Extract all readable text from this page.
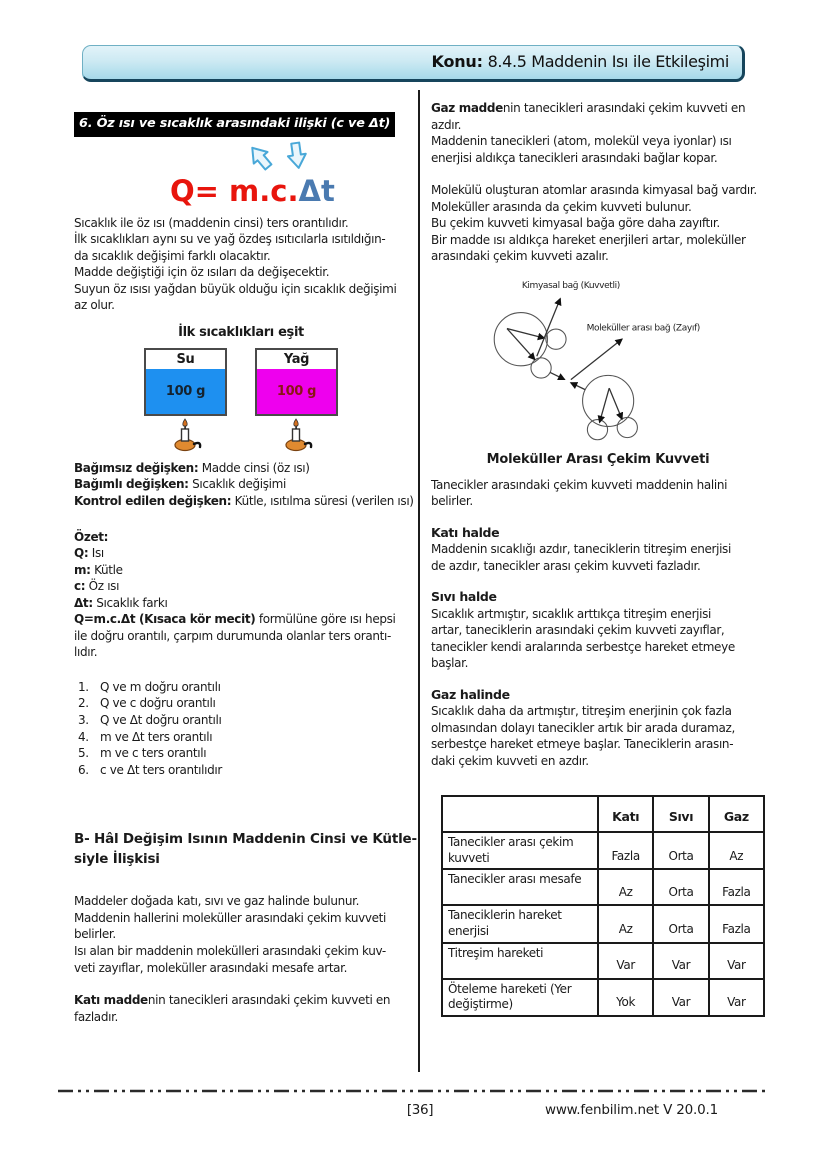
Konu: 8.4.5 Maddenin Isı ile Etkileşimi
6. Öz ısı ve sıcaklık arasındaki ilişki (c ve Δt)
Q= m.c.Δt

Sıcaklık ile öz ısı (maddenin cinsi) ters orantılıdır.
İlk sıcaklıkları aynı su ve yağ özdeş ısıtıcılarla ısıtıldığın-
da sıcaklık değişimi farklı olacaktır.
Madde değiştiği için öz ısıları da değişecektir.
Suyun öz ısısı yağdan büyük olduğu için sıcaklık değişimi
az olur.

İlk sıcaklıkları eşit
Su
100 g
Yağ
100 g

Bağımsız değişken: Madde cinsi (öz ısı)

Bağımlı değişken: Sıcaklık değişimi

Kontrol edilen değişken: Kütle, ısıtılma süresi (verilen ısı)

Özet:

Q: Isı

m: Kütle

c: Öz ısı

Δt: Sıcaklık farkı

Q=m.c.Δt (Kısaca kör mecit) formülüne göre ısı hepsi
ile doğru orantılı, çarpım durumunda olanlar ters orantı-
lıdır.

1. Q ve m doğru orantılı
2. Q ve c doğru orantılı
3. Q ve Δt doğru orantılı
4. m ve Δt ters orantılı
5. m ve c ters orantılı
6. c ve Δt ters orantılıdır
B- Hâl Değişim Isının Maddenin Cinsi ve Kütle-
siyle İlişkisi

Maddeler doğada katı, sıvı ve gaz halinde bulunur.
Maddenin hallerini moleküller arasındaki çekim kuvveti
belirler.
Isı alan bir maddenin molekülleri arasındaki çekim kuv-
veti zayıflar, moleküller arasındaki mesafe artar.

Katı maddenin tanecikleri arasındaki çekim kuvveti en
fazladır.

Gaz maddenin tanecikleri arasındaki çekim kuvveti en
azdır.

Maddenin tanecikleri (atom, molekül veya iyonlar) ısı
enerjisi aldıkça tanecikleri arasındaki bağlar kopar.

Molekülü oluşturan atomlar arasında kimyasal bağ vardır.
Moleküller arasında da çekim kuvveti bulunur.
Bu çekim kuvveti kimyasal bağa göre daha zayıftır.
Bir madde ısı aldıkça hareket enerjileri artar, moleküller
arasındaki çekim kuvveti azalır.

Kimyasal bağ (Kuvvetli)
Moleküller arası bağ (Zayıf)
Moleküller Arası Çekim Kuvveti

Tanecikler arasındaki çekim kuvveti maddenin halini
belirler.

Katı halde

Maddenin sıcaklığı azdır, taneciklerin titreşim enerjisi
de azdır, tanecikler arası çekim kuvveti fazladır.

Sıvı halde

Sıcaklık artmıştır, sıcaklık arttıkça titreşim enerjisi
artar, taneciklerin arasındaki çekim kuvveti zayıflar,
tanecikler kendi aralarında serbestçe hareket etmeye
başlar.

Gaz halinde

Sıcaklık daha da artmıştır, titreşim enerjinin çok fazla
olmasından dolayı tanecikler artık bir arada duramaz,
serbestçe hareket etmeye başlar. Taneciklerin arasın-
daki çekim kuvveti en azdır.

	Katı	Sıvı	Gaz
Tanecikler arası çekim
kuvveti	Fazla	Orta	Az
Tanecikler arası mesafe	Az	Orta	Fazla
Taneciklerin hareket
enerjisi	Az	Orta	Fazla
Titreşim hareketi	Var	Var	Var
Öteleme hareketi (Yer
değiştirme)	Yok	Var	Var
[36]	www.fenbilim.net V 20.0.1
